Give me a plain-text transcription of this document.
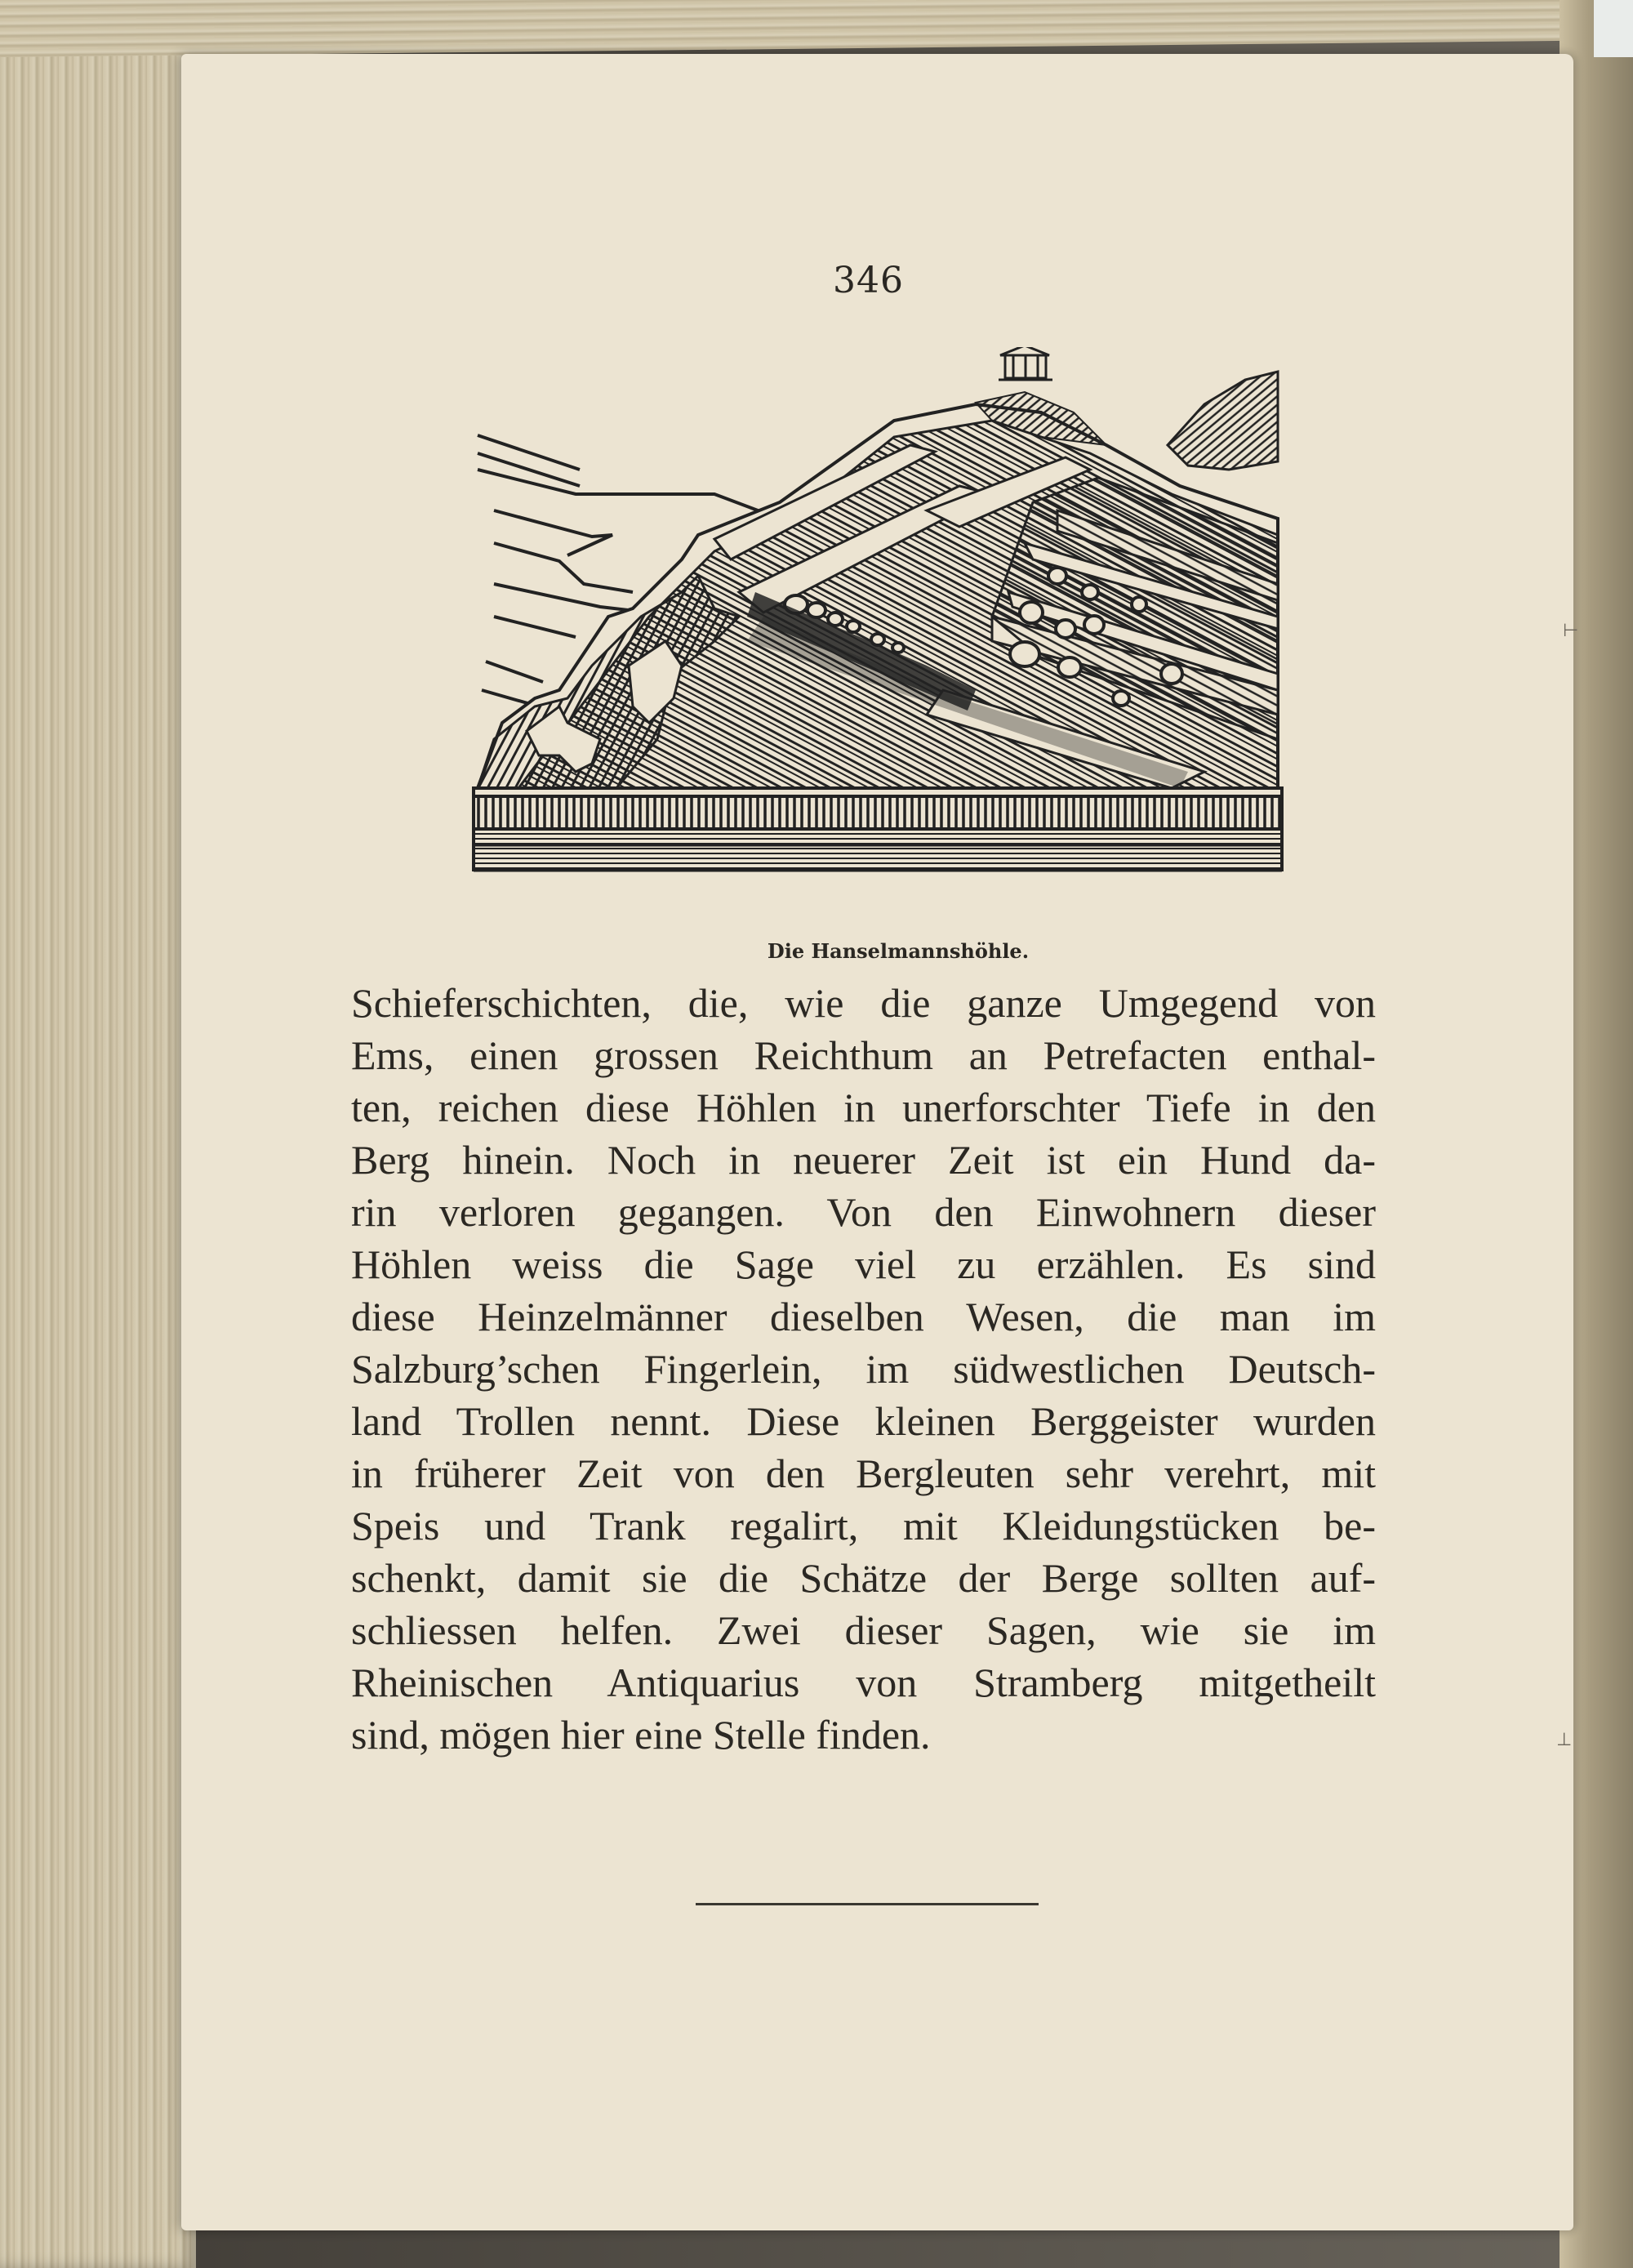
346
Die Hanselmannshöhle.
Schieferschichten, die, wie die ganze Umgegend von
Ems, einen grossen Reichthum an Petrefacten enthal-
ten, reichen diese Höhlen in unerforschter Tiefe in den
Berg hinein. Noch in neuerer Zeit ist ein Hund da-
rin verloren gegangen. Von den Einwohnern dieser
Höhlen weiss die Sage viel zu erzählen. Es sind
diese Heinzelmänner dieselben Wesen, die man im
Salzburg’schen Fingerlein, im südwestlichen Deutsch-
land Trollen nennt. Diese kleinen Berggeister wurden
in früherer Zeit von den Bergleuten sehr verehrt, mit
Speis und Trank regalirt, mit Kleidungstücken be-
schenkt, damit sie die Schätze der Berge sollten auf-
schliessen helfen. Zwei dieser Sagen, wie sie im
Rheinischen Antiquarius von Stramberg mitgetheilt
sind, mögen hier eine Stelle finden.
⊢
⊥
